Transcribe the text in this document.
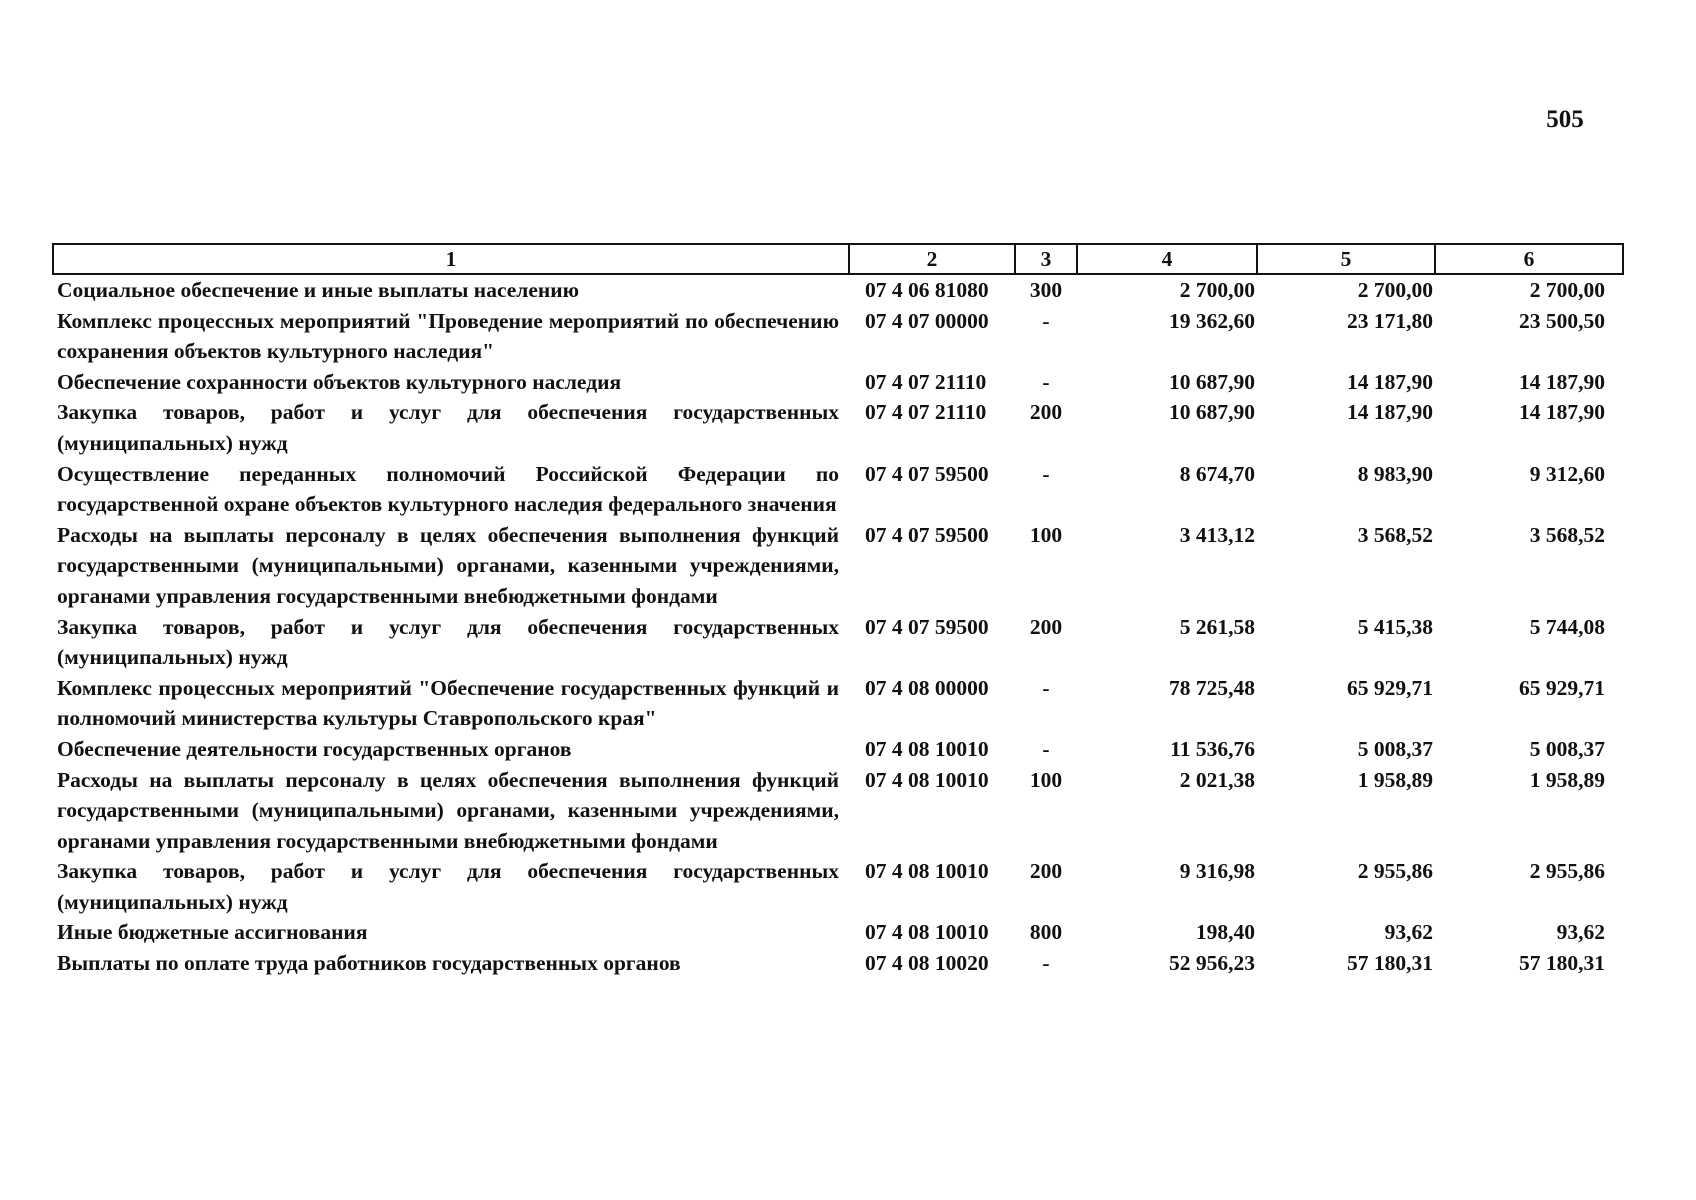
505
1	2	3	4	5	6
Социальное обеспечение и иные выплаты населению	07 4 06 81080	300	2 700,00	2 700,00	2 700,00
Комплекс процессных мероприятий "Проведение мероприятий по обеспечению сохранения объектов культурного наследия"	07 4 07 00000	-	19 362,60	23 171,80	23 500,50
Обеспечение сохранности объектов культурного наследия	07 4 07 21110	-	10 687,90	14 187,90	14 187,90
Закупка товаров, работ и услуг для обеспечения государственных (муниципальных) нужд	07 4 07 21110	200	10 687,90	14 187,90	14 187,90
Осуществление переданных полномочий Российской Федерации по государственной охране объектов культурного наследия федерального значения	07 4 07 59500	-	8 674,70	8 983,90	9 312,60
Расходы на выплаты персоналу в целях обеспечения выполнения функций государственными (муниципальными) органами, казенными учреждениями, органами управления государственными внебюджетными фондами	07 4 07 59500	100	3 413,12	3 568,52	3 568,52
Закупка товаров, работ и услуг для обеспечения государственных (муниципальных) нужд	07 4 07 59500	200	5 261,58	5 415,38	5 744,08
Комплекс процессных мероприятий "Обеспечение государственных функций и полномочий министерства культуры Ставропольского края"	07 4 08 00000	-	78 725,48	65 929,71	65 929,71
Обеспечение деятельности государственных органов	07 4 08 10010	-	11 536,76	5 008,37	5 008,37
Расходы на выплаты персоналу в целях обеспечения выполнения функций государственными (муниципальными) органами, казенными учреждениями, органами управления государственными внебюджетными фондами	07 4 08 10010	100	2 021,38	1 958,89	1 958,89
Закупка товаров, работ и услуг для обеспечения государственных (муниципальных) нужд	07 4 08 10010	200	9 316,98	2 955,86	2 955,86
Иные бюджетные ассигнования	07 4 08 10010	800	198,40	93,62	93,62
Выплаты по оплате труда работников государственных органов	07 4 08 10020	-	52 956,23	57 180,31	57 180,31
